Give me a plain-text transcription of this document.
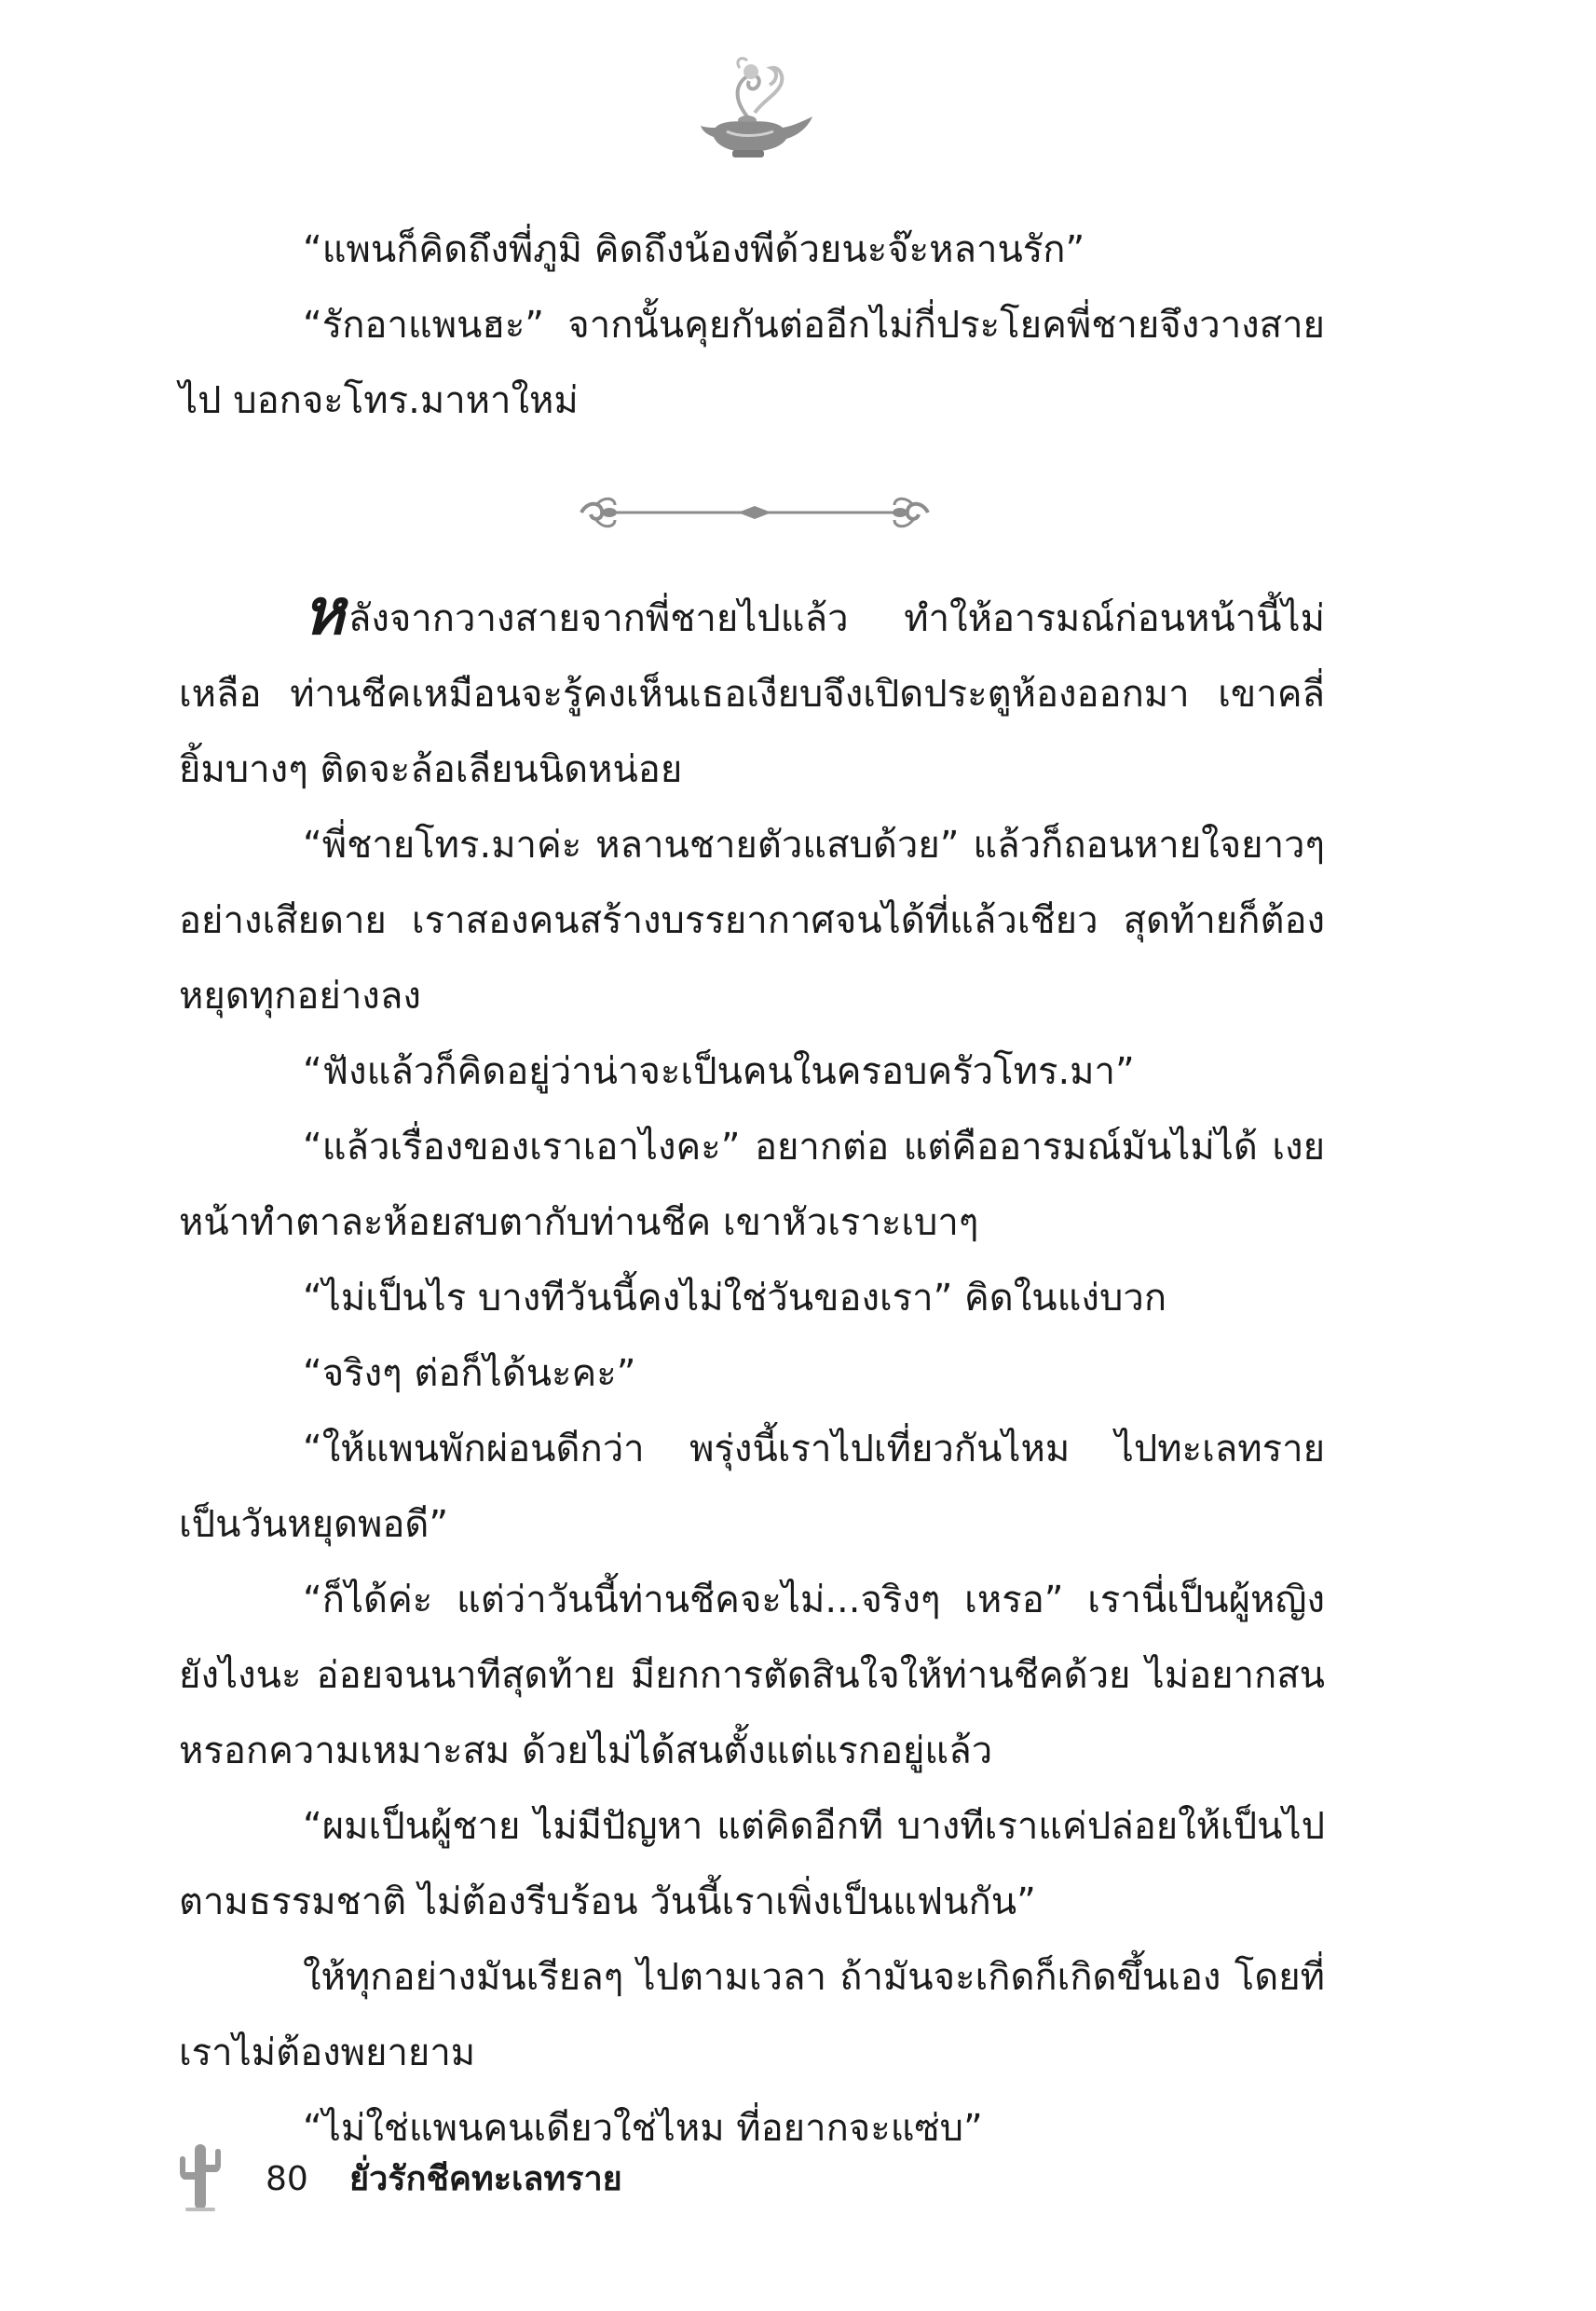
“แพนก็คิดถึงพี่ภูมิ คิดถึงน้องพีด้วยนะจ๊ะหลานรัก”

“รักอาแพนฮะ” จากนั้นคุยกันต่ออีกไม่กี่ประโยคพี่ชายจึงวางสายไป บอกจะโทร.มาหาใหม่

หลังจากวางสายจากพี่ชายไปแล้ว ทำให้อารมณ์ก่อนหน้านี้ไม่เหลือ ท่านชีคเหมือนจะรู้คงเห็นเธอเงียบจึงเปิดประตูห้องออกมา เขาคลี่ยิ้มบางๆ ติดจะล้อเลียนนิดหน่อย

“พี่ชายโทร.มาค่ะ หลานชายตัวแสบด้วย” แล้วก็ถอนหายใจยาวๆ อย่างเสียดาย เราสองคนสร้างบรรยากาศจนได้ที่แล้วเชียว สุดท้ายก็ต้องหยุดทุกอย่างลง

“ฟังแล้วก็คิดอยู่ว่าน่าจะเป็นคนในครอบครัวโทร.มา”

“แล้วเรื่องของเราเอาไงคะ” อยากต่อ แต่คืออารมณ์มันไม่ได้ เงยหน้าทำตาละห้อยสบตากับท่านชีค เขาหัวเราะเบาๆ

“ไม่เป็นไร บางทีวันนี้คงไม่ใช่วันของเรา” คิดในแง่บวก

“จริงๆ ต่อก็ได้นะคะ”

“ให้แพนพักผ่อนดีกว่า พรุ่งนี้เราไปเที่ยวกันไหม ไปทะเลทราย เป็นวันหยุดพอดี”

“ก็ได้ค่ะ แต่ว่าวันนี้ท่านชีคจะไม่...จริงๆ เหรอ” เรานี่เป็นผู้หญิงยังไงนะ อ่อยจนนาทีสุดท้าย มียกการตัดสินใจให้ท่านชีคด้วย ไม่อยากสนหรอกความเหมาะสม ด้วยไม่ได้สนตั้งแต่แรกอยู่แล้ว

“ผมเป็นผู้ชาย ไม่มีปัญหา แต่คิดอีกที บางทีเราแค่ปล่อยให้เป็นไปตามธรรมชาติ ไม่ต้องรีบร้อน วันนี้เราเพิ่งเป็นแฟนกัน”

ให้ทุกอย่างมันเรียลๆ ไปตามเวลา ถ้ามันจะเกิดก็เกิดขึ้นเอง โดยที่เราไม่ต้องพยายาม

“ไม่ใช่แพนคนเดียวใช่ไหม ที่อยากจะแซ่บ”

80 ยั่วรักชีคทะเลทราย
